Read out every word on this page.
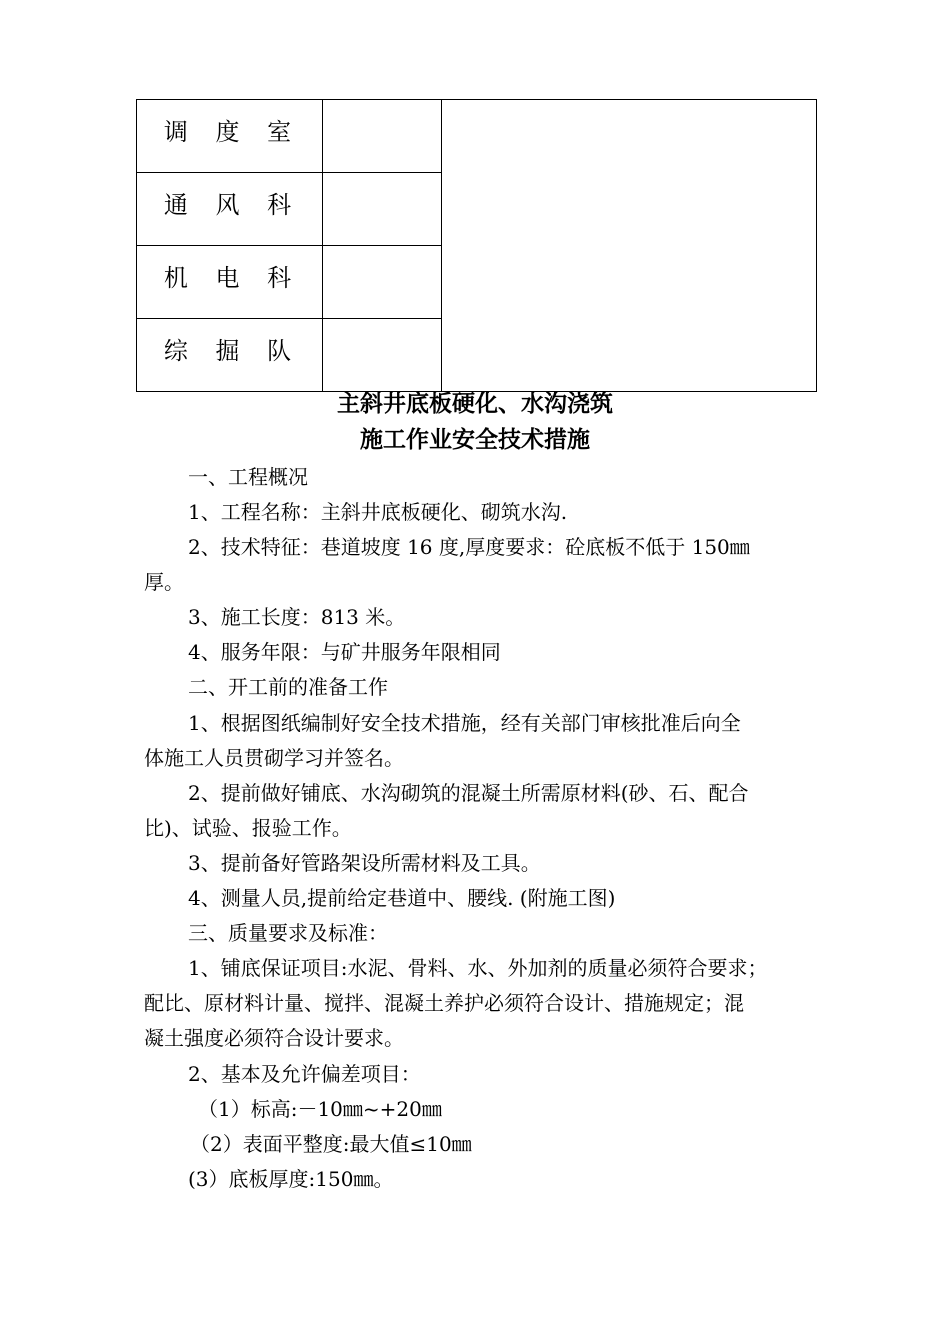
调 度 室		

通 风 科		

机 电 科		

综 掘 队		

主斜井底板硬化、水沟浇筑
施工作业安全技术措施
一、工程概况
1、工程名称：主斜井底板硬化、砌筑水沟.
2、技术特征：巷道坡度 16 度,厚度要求：砼底板不低于 150㎜
厚。
3、施工长度：813 米。
4、服务年限：与矿井服务年限相同
二、开工前的准备工作
1、根据图纸编制好安全技术措施，经有关部门审核批准后向全
体施工人员贯砌学习并签名。
2、提前做好铺底、水沟砌筑的混凝土所需原材料(砂、石、配合
比)、试验、报验工作。
3、提前备好管路架设所需材料及工具。
4、测量人员,提前给定巷道中、腰线. (附施工图)
三、质量要求及标准：
1、铺底保证项目:水泥、骨料、水、外加剂的质量必须符合要求；
配比、原材料计量、搅拌、混凝土养护必须符合设计、措施规定；混
凝土强度必须符合设计要求。
2、基本及允许偏差项目：
（1）标高:－10㎜~+20㎜
（2）表面平整度:最大值≤10㎜
(3）底板厚度:150㎜。
